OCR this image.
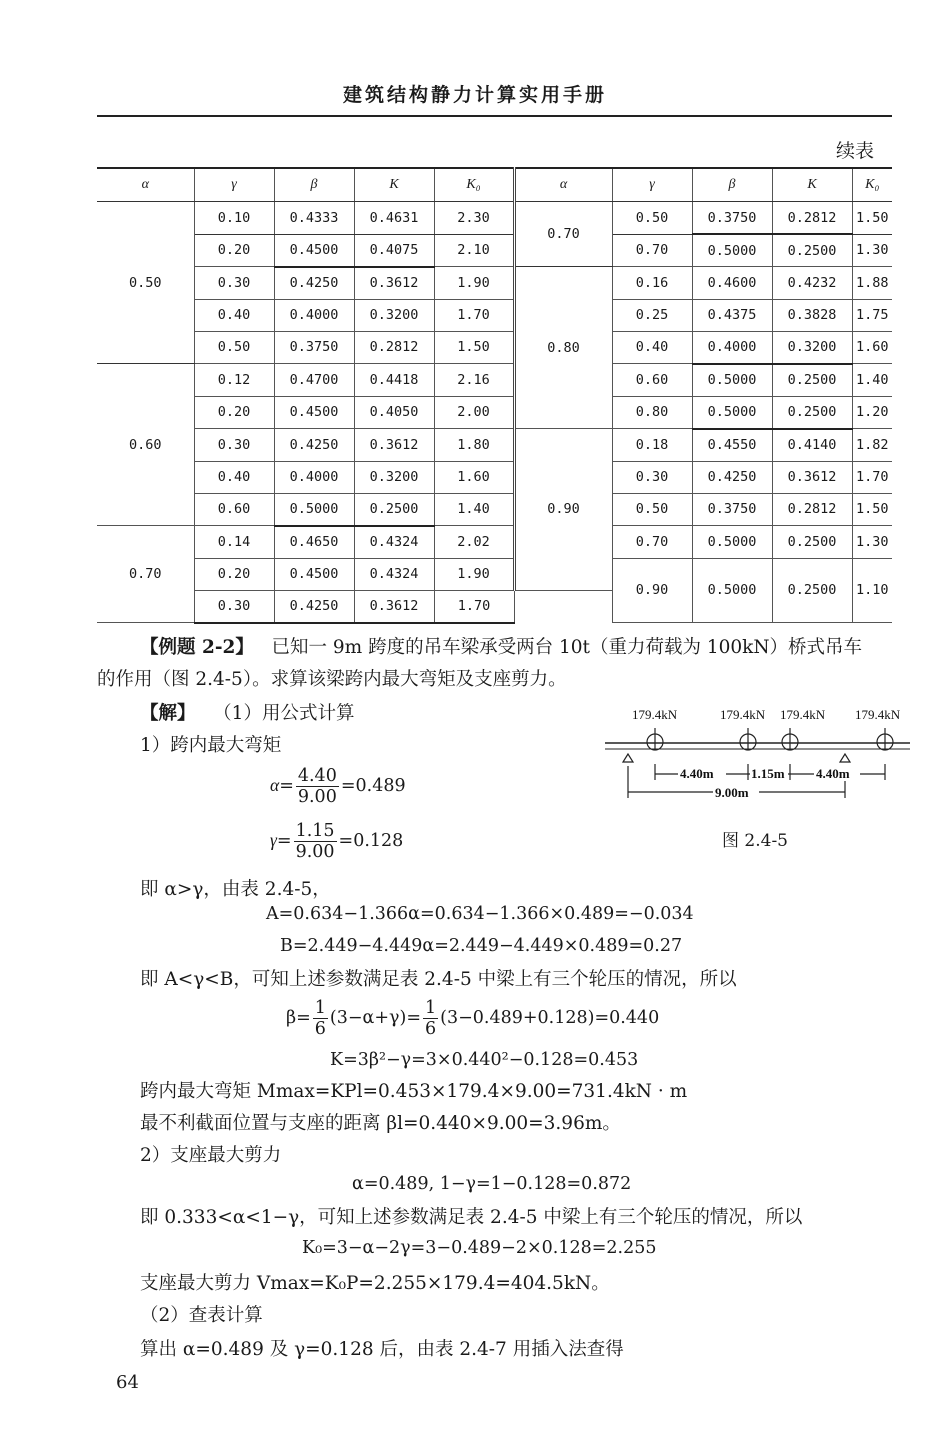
建筑结构静力计算实用手册
续表
α	γ	β	K	K₀	α	γ	β	K	K₀
0.50	0.10	0.4333	0.4631	2.30	0.70	0.50	0.3750	0.2812	1.50
	0.20	0.4500	0.4075	2.10		0.70	0.5000	0.2500	1.30
	0.30	0.4250	0.3612	1.90	0.80	0.16	0.4600	0.4232	1.88
	0.40	0.4000	0.3200	1.70		0.25	0.4375	0.3828	1.75
	0.50	0.3750	0.2812	1.50		0.40	0.4000	0.3200	1.60
0.60	0.12	0.4700	0.4418	2.16		0.60	0.5000	0.2500	1.40
	0.20	0.4500	0.4050	2.00		0.80	0.5000	0.2500	1.20
	0.30	0.4250	0.3612	1.80	0.90	0.18	0.4550	0.4140	1.82
	0.40	0.4000	0.3200	1.60		0.30	0.4250	0.3612	1.70
	0.60	0.5000	0.2500	1.40		0.50	0.3750	0.2812	1.50
0.70	0.14	0.4650	0.4324	2.02		0.70	0.5000	0.2500	1.30
	0.20	0.4500	0.4324	1.90		0.90	0.5000	0.2500	1.10
	0.30	0.4250	0.3612	1.70					
【例题 2-2】 已知一 9m 跨度的吊车梁承受两台 10t（重力荷载为 100kN）桥式吊车
的作用（图 2.4-5）。求算该梁跨内最大弯矩及支座剪力。
【解】 （1）用公式计算
1）跨内最大弯矩
$\alpha= \frac{4.40}{9.00} =0.489$
$\gamma= \frac{1.15}{9.00} =0.128$
即 α>γ，由表 2.4-5，
A=0.634−1.366α=0.634−1.366×0.489=−0.034
B=2.449−4.449α=2.449−4.449×0.489=0.27
即 A<γ<B，可知上述参数满足表 2.4-5 中梁上有三个轮压的情况，所以
$\beta= \frac{1}{6} (3-\alpha+\gamma)= \frac{1}{6} (3-0.489+0.128)=0.440$
K=3β²−γ=3×0.440²−0.128=0.453
跨内最大弯矩 Mmax=KPl=0.453×179.4×9.00=731.4kN · m
最不利截面位置与支座的距离 βl=0.440×9.00=3.96m。
2）支座最大剪力
α=0.489, 1−γ=1−0.128=0.872
即 0.333<α<1−γ，可知上述参数满足表 2.4-5 中梁上有三个轮压的情况，所以
K₀=3−α−2γ=3−0.489−2×0.128=2.255
支座最大剪力 Vmax=K₀P=2.255×179.4=404.5kN。
（2）查表计算
算出 α=0.489 及 γ=0.128 后，由表 2.4-7 用插入法查得
179.4kN	179.4kN 179.4kN 179.4kN
4.40m	1.15m 4.40m
9.00m
图 2.4-5
64
